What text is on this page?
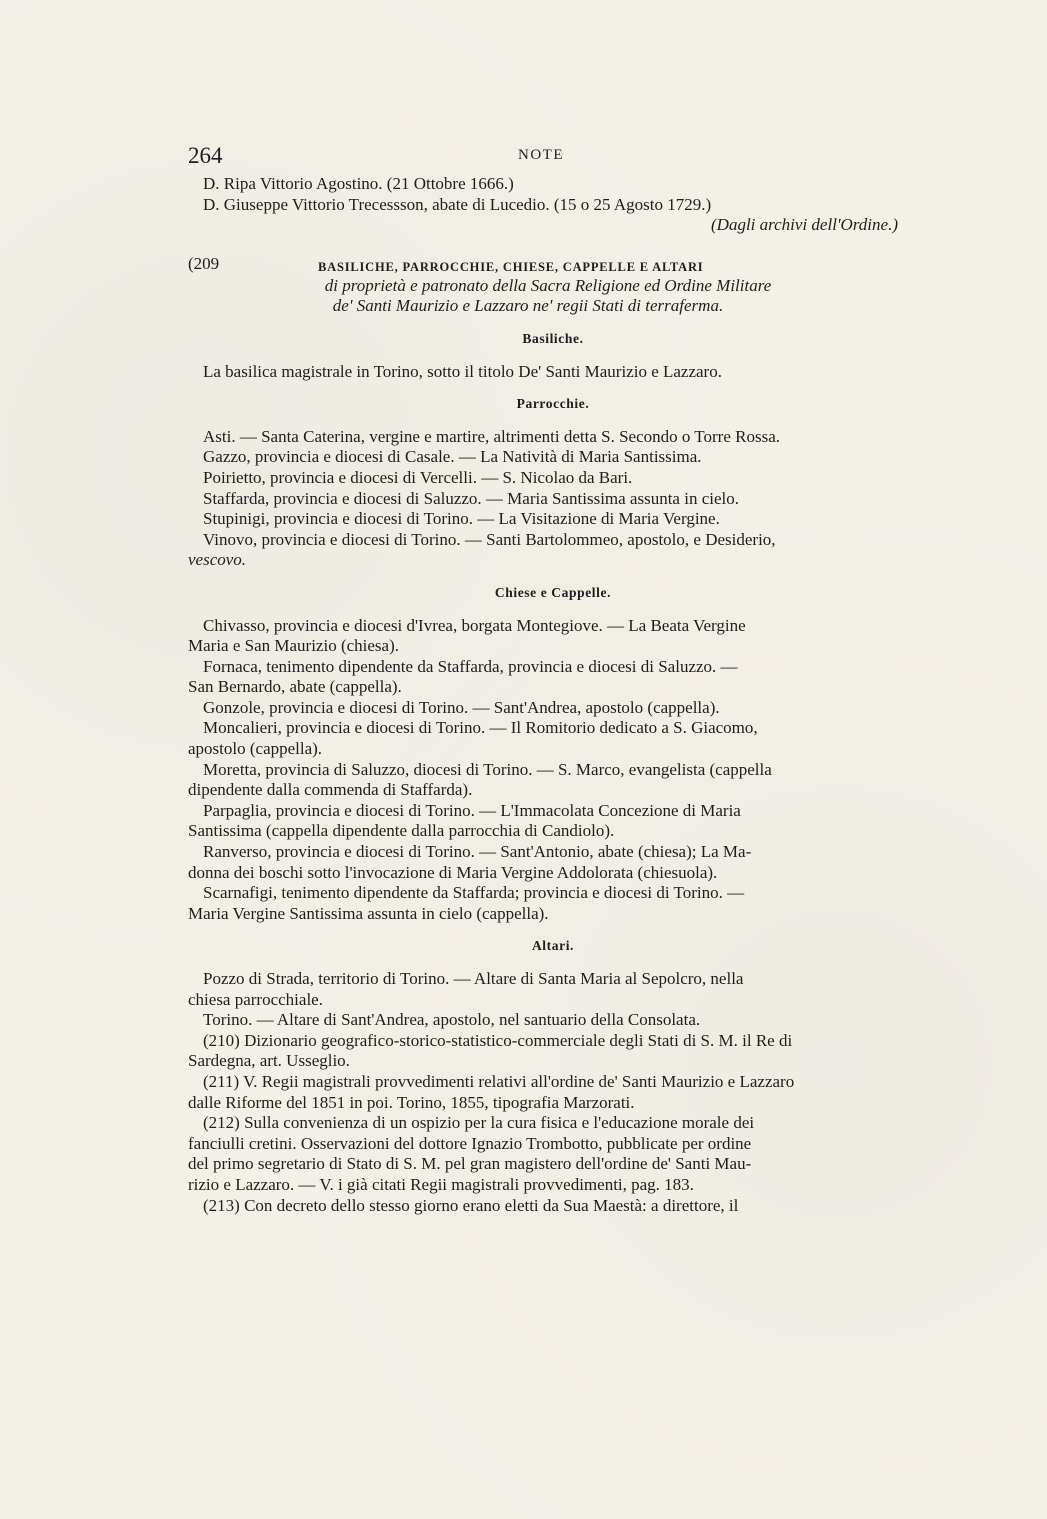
264	NOTE
D. Ripa Vittorio Agostino. (21 Ottobre 1666.)
D. Giuseppe Vittorio Trecessson, abate di Lucedio. (15 o 25 Agosto 1729.)
(Dagli archivi dell'Ordine.)
(209	BASILICHE, PARROCCHIE, CHIESE, CAPPELLE E ALTARI
di proprietà e patronato della Sacra Religione ed Ordine Militare
de' Santi Maurizio e Lazzaro ne' regii Stati di terraferma.
Basiliche.
La basilica magistrale in Torino, sotto il titolo De' Santi Maurizio e Lazzaro.
Parrocchie.
Asti. — Santa Caterina, vergine e martire, altrimenti detta S. Secondo o Torre Rossa.
Gazzo, provincia e diocesi di Casale. — La Natività di Maria Santissima.
Poirietto, provincia e diocesi di Vercelli. — S. Nicolao da Bari.
Staffarda, provincia e diocesi di Saluzzo. — Maria Santissima assunta in cielo.
Stupinigi, provincia e diocesi di Torino. — La Visitazione di Maria Vergine.
Vinovo, provincia e diocesi di Torino. — Santi Bartolommeo, apostolo, e Desiderio,
vescovo.
Chiese e Cappelle.
Chivasso, provincia e diocesi d'Ivrea, borgata Montegiove. — La Beata Vergine
Maria e San Maurizio (chiesa).
Fornaca, tenimento dipendente da Staffarda, provincia e diocesi di Saluzzo. —
San Bernardo, abate (cappella).
Gonzole, provincia e diocesi di Torino. — Sant'Andrea, apostolo (cappella).
Moncalieri, provincia e diocesi di Torino. — Il Romitorio dedicato a S. Giacomo,
apostolo (cappella).
Moretta, provincia di Saluzzo, diocesi di Torino. — S. Marco, evangelista (cappella
dipendente dalla commenda di Staffarda).
Parpaglia, provincia e diocesi di Torino. — L'Immacolata Concezione di Maria
Santissima (cappella dipendente dalla parrocchia di Candiolo).
Ranverso, provincia e diocesi di Torino. — Sant'Antonio, abate (chiesa); La Ma-
donna dei boschi sotto l'invocazione di Maria Vergine Addolorata (chiesuola).
Scarnafigi, tenimento dipendente da Staffarda; provincia e diocesi di Torino. —
Maria Vergine Santissima assunta in cielo (cappella).
Altari.
Pozzo di Strada, territorio di Torino. — Altare di Santa Maria al Sepolcro, nella
chiesa parrocchiale.
Torino. — Altare di Sant'Andrea, apostolo, nel santuario della Consolata.
(210) Dizionario geografico-storico-statistico-commerciale degli Stati di S. M. il Re di
Sardegna, art. Usseglio.
(211) V. Regii magistrali provvedimenti relativi all'ordine de' Santi Maurizio e Lazzaro
dalle Riforme del 1851 in poi. Torino, 1855, tipografia Marzorati.
(212) Sulla convenienza di un ospizio per la cura fisica e l'educazione morale dei
fanciulli cretini. Osservazioni del dottore Ignazio Trombotto, pubblicate per ordine
del primo segretario di Stato di S. M. pel gran magistero dell'ordine de' Santi Mau-
rizio e Lazzaro. — V. i già citati Regii magistrali provvedimenti, pag. 183.
(213) Con decreto dello stesso giorno erano eletti da Sua Maestà: a direttore, il
